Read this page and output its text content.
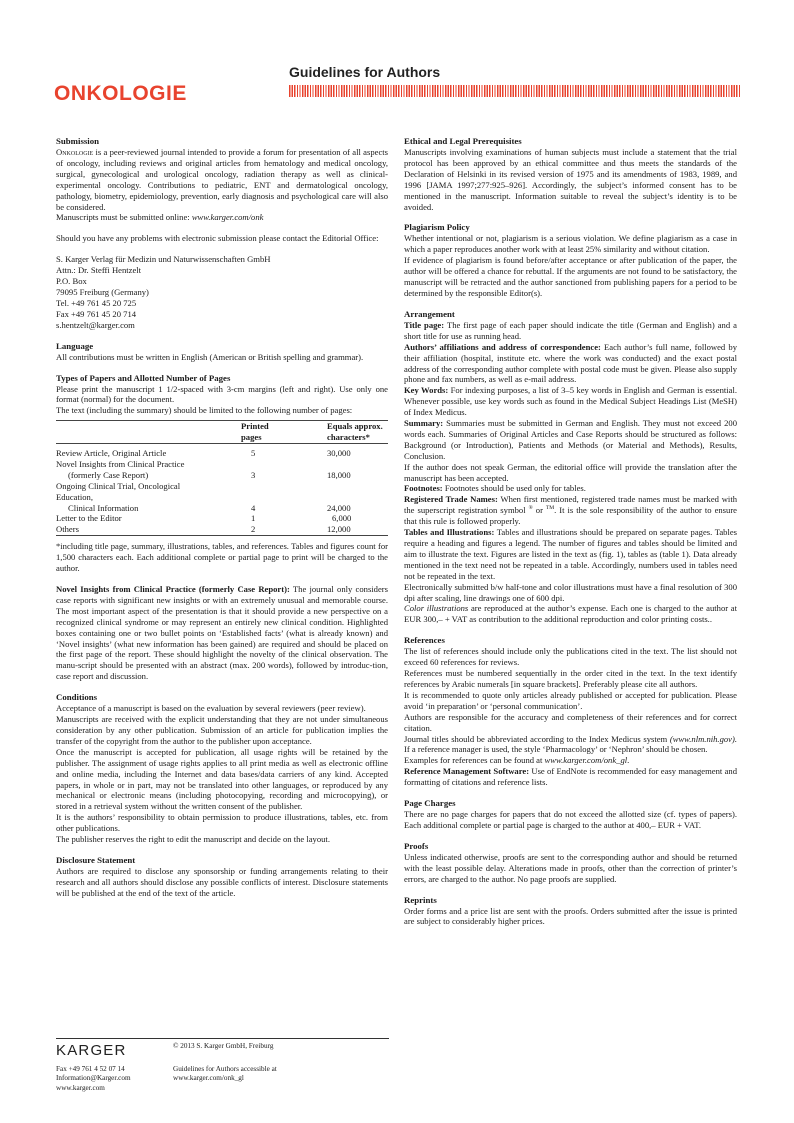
Guidelines for Authors
ONKOLOGIE

Submission

Onkologie is a peer-reviewed journal intended to provide a forum for presentation of all aspects of oncology, including reviews and original articles from hematology and medical oncology, surgical, gynecological and urological oncology, radiation therapy as well as clinical-experimental oncology. Contributions to pediatric, ENT and dermatological oncology, pathology, biometry, epidemiology, prevention, early diagnosis and psychological care will also be considered.

Manuscripts must be submitted online: www.karger.com/onk

Should you have any problems with electronic submission please contact the Editorial Office:

S. Karger Verlag für Medizin und Naturwissenschaften GmbH

Attn.: Dr. Steffi Hentzelt

P.O. Box

79095 Freiburg (Germany)

Tel. +49 761 45 20 725

Fax +49 761 45 20 714

s.hentzelt@karger.com

Language

All contributions must be written in English (American or British spelling and grammar).

Types of Papers and Allotted Number of Pages

Please print the manuscript 1 1/2-spaced with 3-cm margins (left and right). Use only one format (normal) for the document.

The text (including the summary) should be limited to the following number of pages:

	Printed
pages	Equals approx.
characters*

Review Article, Original Article	5	30,000
Novel Insights from Clinical Practice
(formerly Case Report)	3	18,000
Ongoing Clinical Trial, Oncological Education,
Clinical Information	4	24,000
Letter to the Editor	1	6,000
Others	2	12,000

*including title page, summary, illustrations, tables, and references. Tables and figures count for 1,500 characters each. Each additional complete or partial page to print will be charged to the author.

Novel Insights from Clinical Practice (formerly Case Report): The journal only considers case reports with significant new insights or with an extremely unusual and memorable course. The most important aspect of the presentation is that it should provide a new perspective on a recognized clinical syndrome or may represent an entirely new clinical condition. Highlighted boxes containing one or two bullet points on ‘Established facts’ (what is already known) and ‘Novel insights’ (what new information has been gained) are required and should be placed on the first page of the report. These should highlight the novelty of the clinical observation. The manu-script should be presented with an abstract (max. 200 words), followed by introduc-tion, case report and discussion.

Conditions

Acceptance of a manuscript is based on the evaluation by several reviewers (peer review).

Manuscripts are received with the explicit understanding that they are not under simultaneous consideration by any other publication. Submission of an article for publication implies the transfer of the copyright from the author to the publisher upon acceptance.

Once the manuscript is accepted for publication, all usage rights will be retained by the publisher. The assignment of usage rights applies to all print media as well as electronic offline and online media, including the Internet and data bases/data carriers of any kind. Accepted papers, in whole or in part, may not be translated into other languages, or reproduced by any mechanical or electronic means (including photocopying, recording and microcopying), or stored in a retrieval system without the written consent of the publisher.

It is the authors’ responsibility to obtain permission to produce illustrations, tables, etc. from other publications.

The publisher reserves the right to edit the manuscript and decide on the layout.

Disclosure Statement

Authors are required to disclose any sponsorship or funding arrangements relating to their research and all authors should disclose any possible conflicts of interest. Disclosure statements will be published at the end of the text of the article.

Ethical and Legal Prerequisites

Manuscripts involving examinations of human subjects must include a statement that the trial protocol has been approved by an ethical committee and thus meets the standards of the Declaration of Helsinki in its revised version of 1975 and its amendments of 1983, 1989, and 1996 [JAMA 1997;277:925–926]. Accordingly, the subject’s informed consent has to be mentioned in the manuscript. Information suitable to reveal the subject’s identity is to be avoided.

Plagiarism Policy

Whether intentional or not, plagiarism is a serious violation. We define plagiarism as a case in which a paper reproduces another work with at least 25% similarity and without citation.

If evidence of plagiarism is found before/after acceptance or after publication of the paper, the author will be offered a chance for rebuttal. If the arguments are not found to be satisfactory, the manuscript will be retracted and the author sanctioned from publishing papers for a period to be determined by the responsible Editor(s).

Arrangement

Title page: The first page of each paper should indicate the title (German and English) and a short title for use as running head.

Authors’ affiliations and address of correspondence: Each author’s full name, followed by their affiliation (hospital, institute etc. where the work was conducted) and the exact postal address of the corresponding author complete with postal code must be given. Please also supply phone and fax numbers, as well as e-mail address.

Key Words: For indexing purposes, a list of 3–5 key words in English and German is essential. Whenever possible, use key words such as found in the Medical Subject Headings List (MeSH) of Index Medicus.

Summary: Summaries must be submitted in German and English. They must not exceed 200 words each. Summaries of Original Articles and Case Reports should be structured as follows: Background (or Introduction), Patients and Methods (or Material and Methods), Results, Conclusion.

If the author does not speak German, the editorial office will provide the translation after the manuscript has been accepted.

Footnotes: Footnotes should be used only for tables.

Registered Trade Names: When first mentioned, registered trade names must be marked with the superscript registration symbol ® or ™. It is the sole responsibility of the author to ensure that this rule is followed properly.

Tables and Illustrations: Tables and illustrations should be prepared on separate pages. Tables require a heading and figures a legend. The number of figures and tables should be limited and aim to illustrate the text. Figures are listed in the text as (fig. 1), tables as (table 1). Data already mentioned in the text need not be repeated in a table. Accordingly, numbers used in tables need not be repeated in the text.

Electronically submitted b/w half-tone and color illustrations must have a final resolution of 300 dpi after scaling, line drawings one of 600 dpi.

Color illustrations are reproduced at the author’s expense. Each one is charged to the author at EUR 300,– + VAT as contribution to the additional reproduction and color printing costs..

References

The list of references should include only the publications cited in the text. The list should not exceed 60 references for reviews.

References must be numbered sequentially in the order cited in the text. In the text identify references by Arabic numerals [in square brackets]. Preferably please cite all authors.

It is recommended to quote only articles already published or accepted for publication. Please avoid ‘in preparation’ or ‘personal communication’.

Authors are responsible for the accuracy and completeness of their references and for correct citation.

Journal titles should be abbreviated according to the Index Medicus system (www.nlm.nih.gov). If a reference manager is used, the style ‘Pharmacology’ or ‘Nephron’ should be chosen.

Examples for references can be found at www.karger.com/onk_gl.

Reference Management Software: Use of EndNote is recommended for easy management and formatting of citations and reference lists.

Page Charges

There are no page charges for papers that do not exceed the allotted size (cf. types of papers). Each additional complete or partial page is charged to the author at 400,– EUR + VAT.

Proofs

Unless indicated otherwise, proofs are sent to the corresponding author and should be returned with the least possible delay. Alterations made in proofs, other than the correction of printer’s errors, are charged to the author. No page proofs are supplied.

Reprints

Order forms and a price list are sent with the proofs. Orders submitted after the issue is printed are subject to considerably higher prices.

KARGER	© 2013 S. Karger GmbH, Freiburg
Fax +49 761 4 52 07 14
Information@Karger.com
www.karger.com
Guidelines for Authors accessible at
www.karger.com/onk_gl
